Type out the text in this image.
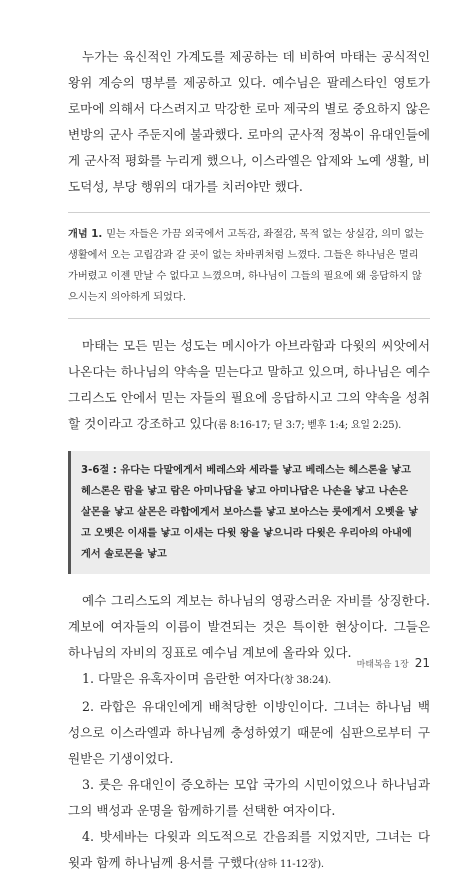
누가는 육신적인 가계도를 제공하는 데 비하여 마태는 공식적인 왕위 계승의 명부를 제공하고 있다. 예수님은 팔레스타인 영토가 로마에 의해서 다스려지고 막강한 로마 제국의 별로 중요하지 않은 변방의 군사 주둔지에 불과했다. 로마의 군사적 정복이 유대인들에게 군사적 평화를 누리게 했으나, 이스라엘은 압제와 노예 생활, 비 도덕성, 부당 행위의 대가를 치러야만 했다.

개념 1. 믿는 자들은 가끔 외국에서 고독감, 좌절감, 목적 없는 상실감, 의미 없는 생활에서 오는 고립감과 갈 곳이 없는 차바퀴처럼 느꼈다. 그들은 하나님은 멀리 가버렸고 이젠 만날 수 없다고 느꼈으며, 하나님이 그들의 필요에 왜 응답하지 않으시는지 의아하게 되었다.

마태는 모든 믿는 성도는 메시아가 아브라함과 다윗의 씨앗에서 나온다는 하나님의 약속을 믿는다고 말하고 있으며, 하나님은 예수 그리스도 안에서 믿는 자들의 필요에 응답하시고 그의 약속을 성취할 것이라고 강조하고 있다(롬 8:16-17; 딛 3:7; 벧후 1:4; 요일 2:25).

3-6절 : 유다는 다말에게서 베레스와 세라를 낳고 베레스는 헤스론을 낳고 헤스론은 람을 낳고 람은 아미나답을 낳고 아미나답은 나손을 낳고 나손은 살몬을 낳고 살몬은 라합에게서 보아스를 낳고 보아스는 룻에게서 오벳을 낳고 오벳은 이새를 낳고 이새는 다윗 왕을 낳으니라 다윗은 우리아의 아내에게서 솔로몬을 낳고

예수 그리스도의 계보는 하나님의 영광스러운 자비를 상징한다. 계보에 여자들의 이름이 발견되는 것은 특이한 현상이다. 그들은 하나님의 자비의 징표로 예수님 계보에 올라와 있다.

1. 다말은 유혹자이며 음란한 여자다(창 38:24).

2. 라합은 유대인에게 배척당한 이방인이다. 그녀는 하나님 백성으로 이스라엘과 하나님께 충성하였기 때문에 심판으로부터 구원받은 기생이었다.

3. 룻은 유대인이 증오하는 모압 국가의 시민이었으나 하나님과 그의 백성과 운명을 함께하기를 선택한 여자이다.

4. 밧세바는 다윗과 의도적으로 간음죄를 지었지만, 그녀는 다윗과 함께 하나님께 용서를 구했다(삼하 11-12장).

마태복음 1장 21
